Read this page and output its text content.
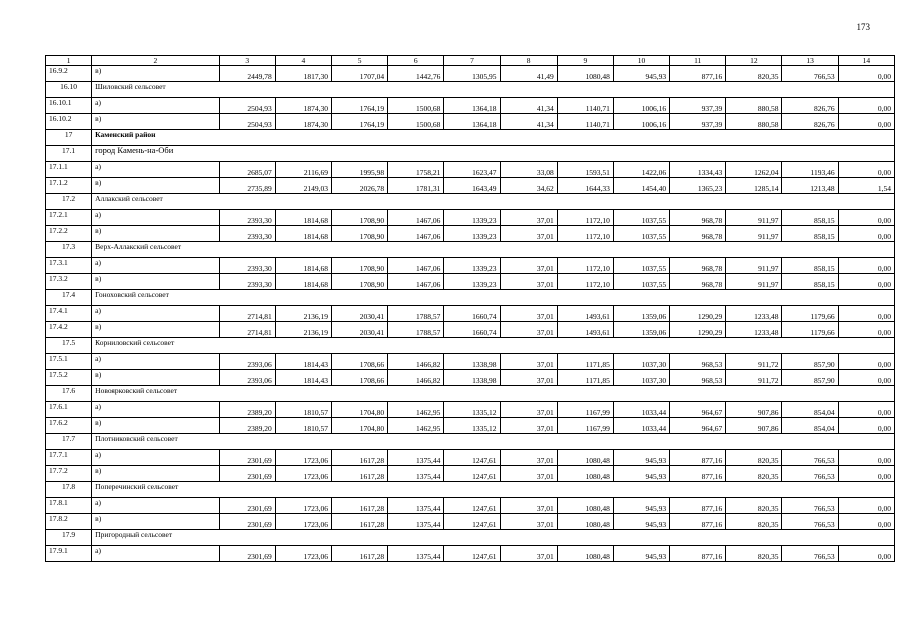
173
1	2	3	4	5	6	7	8	9	10	11	12	13	14
16.9.2	в)	2449,78	1817,30	1707,04	1442,76	1305,95	41,49	1080,48	945,93	877,16	820,35	766,53	0,00
16.10	Шиловский сельсовет												
16.10.1	а)	2504,93	1874,30	1764,19	1500,68	1364,18	41,34	1140,71	1006,16	937,39	880,58	826,76	0,00
16.10.2	в)	2504,93	1874,30	1764,19	1500,68	1364,18	41,34	1140,71	1006,16	937,39	880,58	826,76	0,00
17	Каменский район												
17.1	город Камень-на-Оби												
17.1.1	а)	2685,07	2116,69	1995,98	1758,21	1623,47	33,08	1593,51	1422,06	1334,43	1262,04	1193,46	0,00
17.1.2	в)	2735,89	2149,03	2026,78	1781,31	1643,49	34,62	1644,33	1454,40	1365,23	1285,14	1213,48	1,54
17.2	Аллакский сельсовет												
17.2.1	а)	2393,30	1814,68	1708,90	1467,06	1339,23	37,01	1172,10	1037,55	968,78	911,97	858,15	0,00
17.2.2	в)	2393,30	1814,68	1708,90	1467,06	1339,23	37,01	1172,10	1037,55	968,78	911,97	858,15	0,00
17.3	Верх-Аллакский сельсовет												
17.3.1	а)	2393,30	1814,68	1708,90	1467,06	1339,23	37,01	1172,10	1037,55	968,78	911,97	858,15	0,00
17.3.2	в)	2393,30	1814,68	1708,90	1467,06	1339,23	37,01	1172,10	1037,55	968,78	911,97	858,15	0,00
17.4	Гоноховский сельсовет												
17.4.1	а)	2714,81	2136,19	2030,41	1788,57	1660,74	37,01	1493,61	1359,06	1290,29	1233,48	1179,66	0,00
17.4.2	в)	2714,81	2136,19	2030,41	1788,57	1660,74	37,01	1493,61	1359,06	1290,29	1233,48	1179,66	0,00
17.5	Корниловский сельсовет												
17.5.1	а)	2393,06	1814,43	1708,66	1466,82	1338,98	37,01	1171,85	1037,30	968,53	911,72	857,90	0,00
17.5.2	в)	2393,06	1814,43	1708,66	1466,82	1338,98	37,01	1171,85	1037,30	968,53	911,72	857,90	0,00
17.6	Новоярковский сельсовет												
17.6.1	а)	2389,20	1810,57	1704,80	1462,95	1335,12	37,01	1167,99	1033,44	964,67	907,86	854,04	0,00
17.6.2	в)	2389,20	1810,57	1704,80	1462,95	1335,12	37,01	1167,99	1033,44	964,67	907,86	854,04	0,00
17.7	Плотниковский сельсовет												
17.7.1	а)	2301,69	1723,06	1617,28	1375,44	1247,61	37,01	1080,48	945,93	877,16	820,35	766,53	0,00
17.7.2	в)	2301,69	1723,06	1617,28	1375,44	1247,61	37,01	1080,48	945,93	877,16	820,35	766,53	0,00
17.8	Поперечинский сельсовет												
17.8.1	а)	2301,69	1723,06	1617,28	1375,44	1247,61	37,01	1080,48	945,93	877,16	820,35	766,53	0,00
17.8.2	в)	2301,69	1723,06	1617,28	1375,44	1247,61	37,01	1080,48	945,93	877,16	820,35	766,53	0,00
17.9	Пригородный сельсовет												
17.9.1	а)	2301,69	1723,06	1617,28	1375,44	1247,61	37,01	1080,48	945,93	877,16	820,35	766,53	0,00
